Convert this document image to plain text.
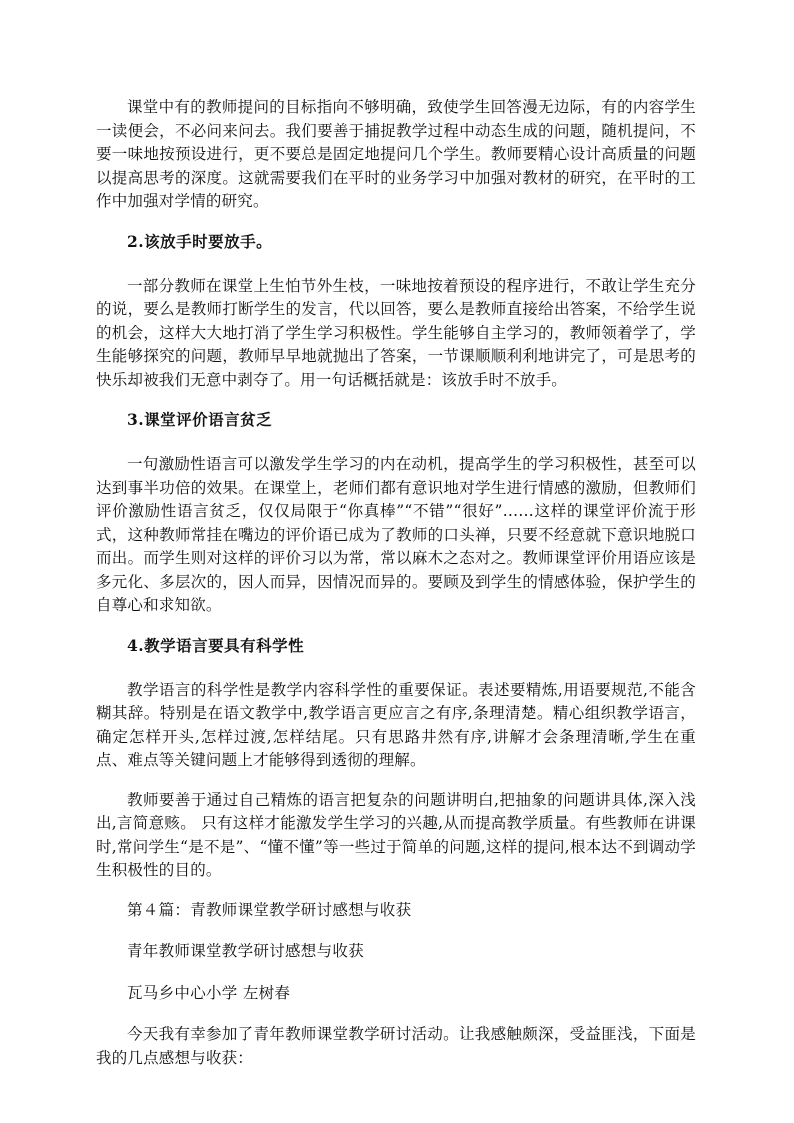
课堂中有的教师提问的目标指向不够明确，致使学生回答漫无边际，有的内容学生一读便会，不必问来问去。我们要善于捕捉教学过程中动态生成的问题，随机提问，不要一味地按预设进行，更不要总是固定地提问几个学生。教师要精心设计高质量的问题以提高思考的深度。这就需要我们在平时的业务学习中加强对教材的研究，在平时的工作中加强对学情的研究。

2.该放手时要放手。

一部分教师在课堂上生怕节外生枝，一味地按着预设的程序进行，不敢让学生充分的说，要么是教师打断学生的发言，代以回答，要么是教师直接给出答案，不给学生说的机会，这样大大地打消了学生学习积极性。学生能够自主学习的，教师领着学了，学生能够探究的问题，教师早早地就抛出了答案，一节课顺顺利利地讲完了，可是思考的快乐却被我们无意中剥夺了。用一句话概括就是：该放手时不放手。

3.课堂评价语言贫乏

一句激励性语言可以激发学生学习的内在动机，提高学生的学习积极性，甚至可以达到事半功倍的效果。在课堂上，老师们都有意识地对学生进行情感的激励，但教师们评价激励性语言贫乏，仅仅局限于“你真棒”“不错”“很好”……这样的课堂评价流于形式，这种教师常挂在嘴边的评价语已成为了教师的口头禅，只要不经意就下意识地脱口而出。而学生则对这样的评价习以为常，常以麻木之态对之。教师课堂评价用语应该是多元化、多层次的，因人而异，因情况而异的。要顾及到学生的情感体验，保护学生的自尊心和求知欲。

4.教学语言要具有科学性

教学语言的科学性是教学内容科学性的重要保证。表述要精炼,用语要规范,不能含糊其辞。特别是在语文教学中,教学语言更应言之有序,条理清楚。精心组织教学语言，确定怎样开头,怎样过渡,怎样结尾。只有思路井然有序,讲解才会条理清晰,学生在重点、难点等关键问题上才能够得到透彻的理解。

教师要善于通过自己精炼的语言把复杂的问题讲明白,把抽象的问题讲具体,深入浅出,言简意赅。 只有这样才能激发学生学习的兴趣,从而提高教学质量。有些教师在讲课时,常问学生“是不是”、“懂不懂”等一些过于简单的问题,这样的提问,根本达不到调动学生积极性的目的。

第４篇：青教师课堂教学研讨感想与收获

青年教师课堂教学研讨感想与收获

瓦马乡中心小学 左树春

今天我有幸参加了青年教师课堂教学研讨活动。让我感触颇深，受益匪浅，下面是我的几点感想与收获：
